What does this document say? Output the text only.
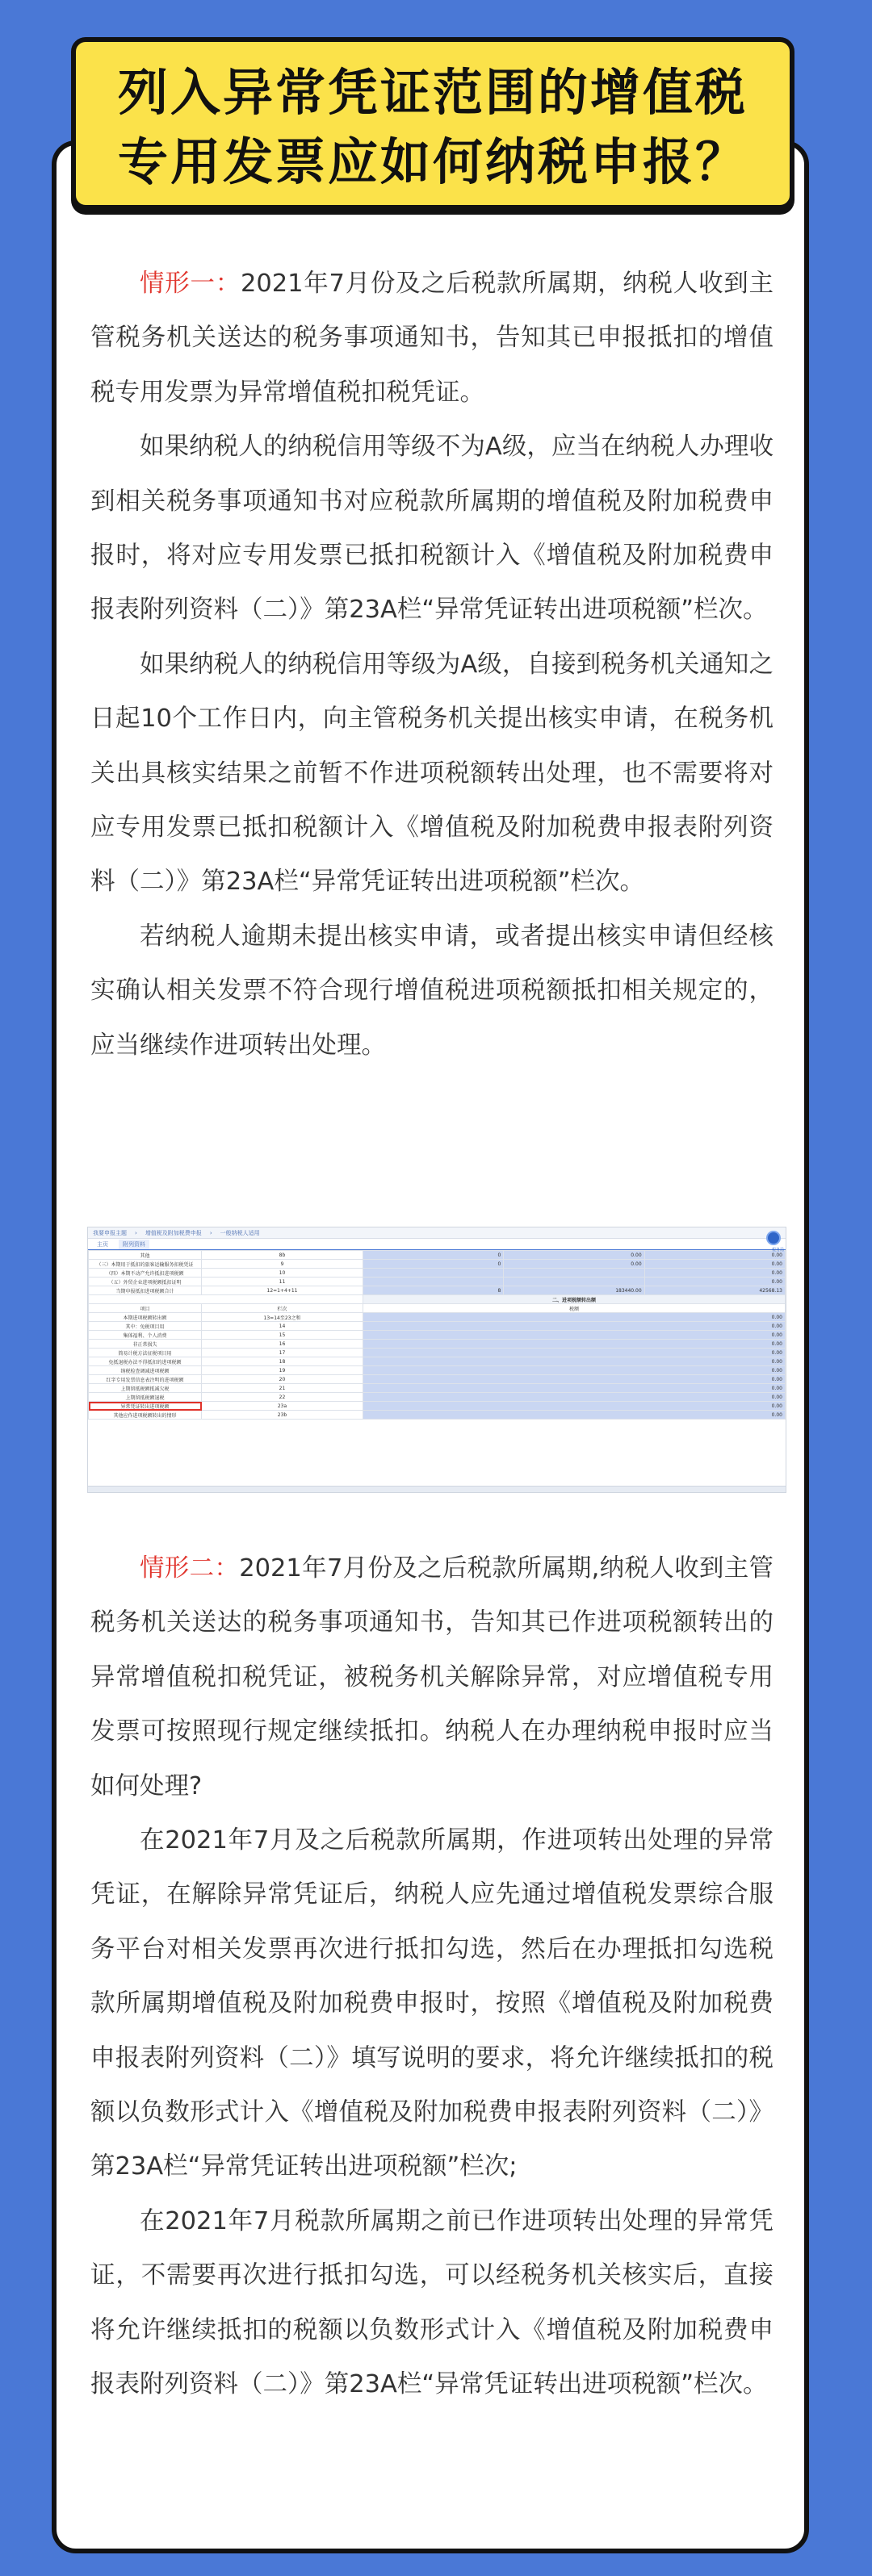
列入异常凭证范围的增值税
专用发票应如何纳税申报？

情形一：2021年7月份及之后税款所属期，纳税人收到主管税务机关送达的税务事项通知书，告知其已申报抵扣的增值税专用发票为异常增值税扣税凭证。

如果纳税人的纳税信用等级不为A级，应当在纳税人办理收到相关税务事项通知书对应税款所属期的增值税及附加税费申报时，将对应专用发票已抵扣税额计入《增值税及附加税费申报表附列资料（二）》第23A栏“异常凭证转出进项税额”栏次。

如果纳税人的纳税信用等级为A级，自接到税务机关通知之日起10个工作日内，向主管税务机关提出核实申请，在税务机关出具核实结果之前暂不作进项税额转出处理，也不需要将对应专用发票已抵扣税额计入《增值税及附加税费申报表附列资料（二）》第23A栏“异常凭证转出进项税额”栏次。

若纳税人逾期未提出核实申请，或者提出核实申请但经核实确认相关发票不符合现行增值税进项税额抵扣相关规定的，应当继续作进项转出处理。

我要申报主题 › 增值税及附加税费申报 › 一般纳税人适用
主页	附列资料
税务局
其他	8b	0	0.00	0.00
（三）本期用于抵扣的旅客运输服务扣税凭证	9	0	0.00	0.00
（四）本期不动产允许抵扣进项税额	10			0.00
（五）外贸企业进项税额抵扣证明	11			0.00
当期申报抵扣进项税额合计	12=1+4+11	8	183440.00	42568.13
		二、进项税额转出额		
项目	栏次	税额		
本期进项税额转出额	13=14至23之和	0.00		
其中：免税项目用	14	0.00		
集体福利、个人消费	15	0.00		
非正常损失	16	0.00		
简易计税方法征税项目用	17	0.00		
免抵退税办法不得抵扣的进项税额	18	0.00		
纳税检查调减进项税额	19	0.00		
红字专用发票信息表注明的进项税额	20	0.00		
上期留抵税额抵减欠税	21	0.00		
上期留抵税额退税	22	0.00		
异常凭证转出进项税额	23a	0.00		
其他应作进项税额转出的情形	23b	0.00		

情形二：2021年7月份及之后税款所属期,纳税人收到主管税务机关送达的税务事项通知书，告知其已作进项税额转出的异常增值税扣税凭证，被税务机关解除异常，对应增值税专用发票可按照现行规定继续抵扣。纳税人在办理纳税申报时应当如何处理?

在2021年7月及之后税款所属期，作进项转出处理的异常凭证，在解除异常凭证后，纳税人应先通过增值税发票综合服务平台对相关发票再次进行抵扣勾选，然后在办理抵扣勾选税款所属期增值税及附加税费申报时，按照《增值税及附加税费申报表附列资料（二）》填写说明的要求，将允许继续抵扣的税额以负数形式计入《增值税及附加税费申报表附列资料（二）》第23A栏“异常凭证转出进项税额”栏次;

在2021年7月税款所属期之前已作进项转出处理的异常凭证，不需要再次进行抵扣勾选，可以经税务机关核实后，直接将允许继续抵扣的税额以负数形式计入《增值税及附加税费申报表附列资料（二）》第23A栏“异常凭证转出进项税额”栏次。
